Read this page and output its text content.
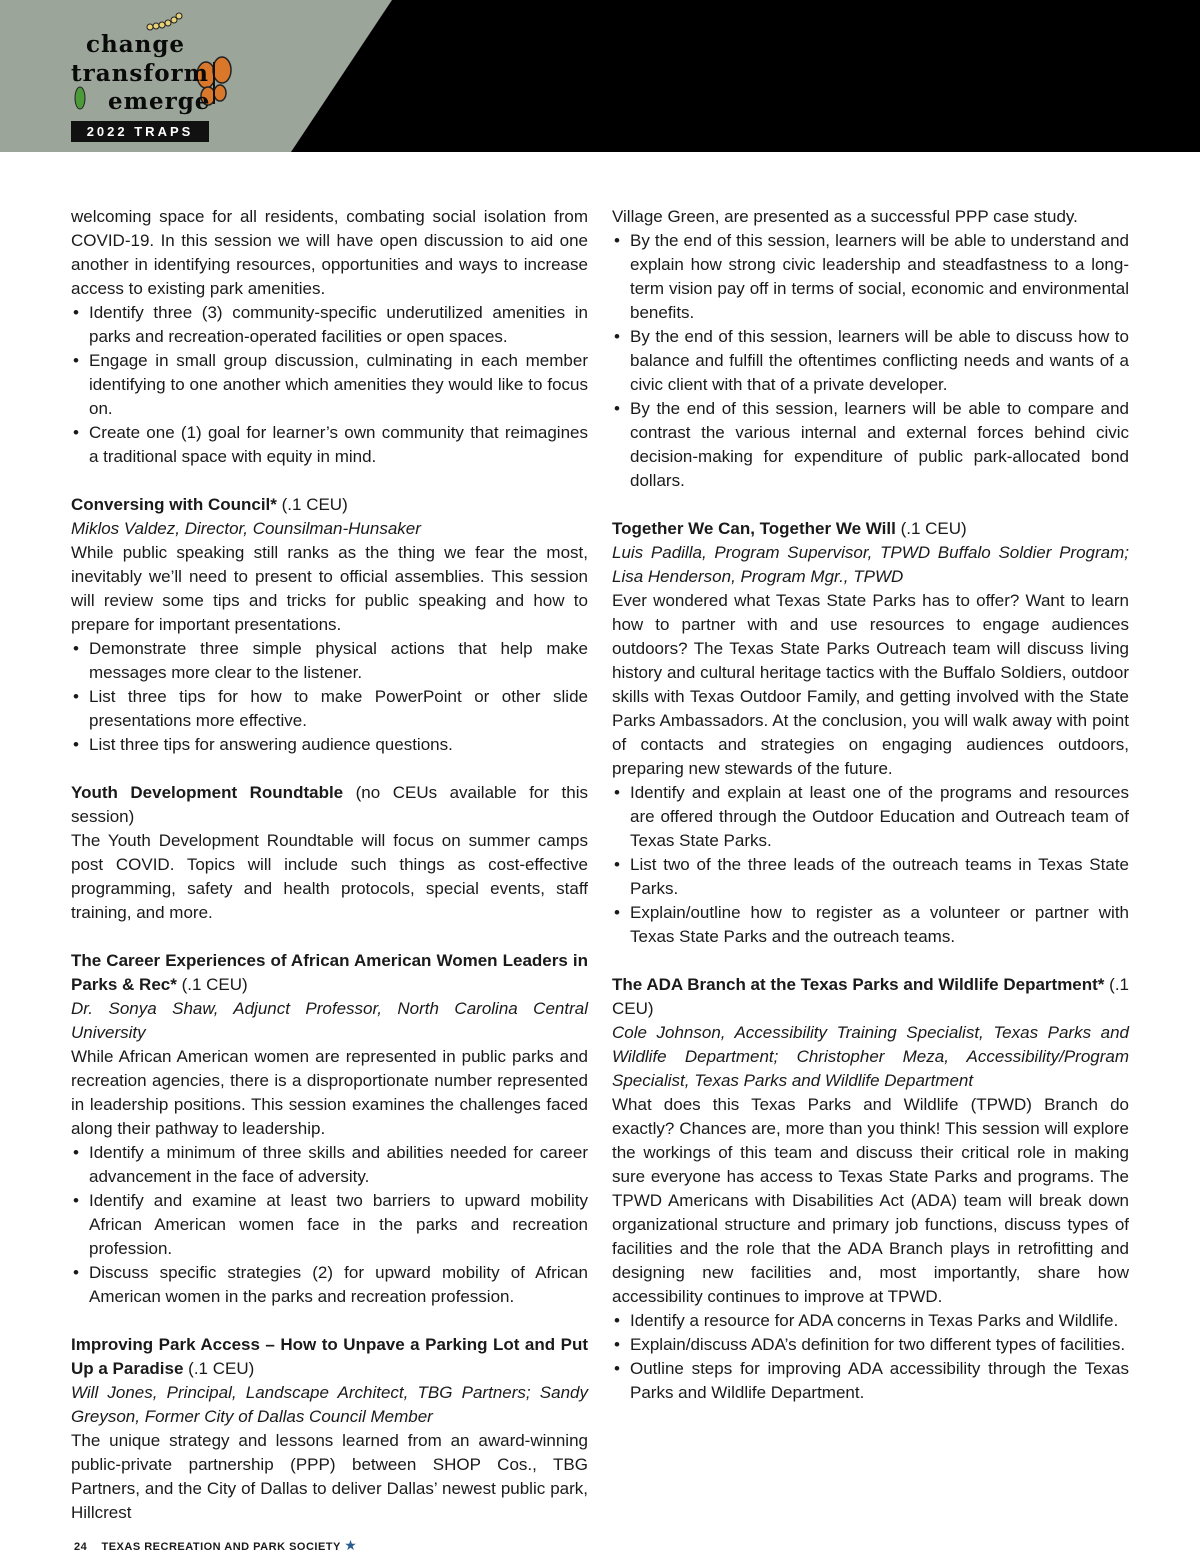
change
transform
emerge
2022 TRAPS

welcoming space for all residents, combating social isolation from COVID-19. In this session we will have open discussion to aid one another in identifying resources, opportunities and ways to increase access to existing park amenities.

• Identify three (3) community-specific underutilized amenities in parks and recreation-operated facilities or open spaces.
• Engage in small group discussion, culminating in each member identifying to one another which amenities they would like to focus on.
• Create one (1) goal for learner’s own community that reimagines a traditional space with equity in mind.

Conversing with Council* (.1 CEU)

Miklos Valdez, Director, Counsilman-Hunsaker

While public speaking still ranks as the thing we fear the most, inevitably we’ll need to present to official assemblies. This session will review some tips and tricks for public speaking and how to prepare for important presentations.

• Demonstrate three simple physical actions that help make messages more clear to the listener.
• List three tips for how to make PowerPoint or other slide presentations more effective.
• List three tips for answering audience questions.

Youth Development Roundtable (no CEUs available for this session)

The Youth Development Roundtable will focus on summer camps post COVID. Topics will include such things as cost-effective programming, safety and health protocols, special events, staff training, and more.

The Career Experiences of African American Women Leaders in Parks & Rec* (.1 CEU)

Dr. Sonya Shaw, Adjunct Professor, North Carolina Central University

While African American women are represented in public parks and recreation agencies, there is a disproportionate number represented in leadership positions. This session examines the challenges faced along their pathway to leadership.

• Identify a minimum of three skills and abilities needed for career advancement in the face of adversity.
• Identify and examine at least two barriers to upward mobility African American women face in the parks and recreation profession.
• Discuss specific strategies (2) for upward mobility of African American women in the parks and recreation profession.

Improving Park Access – How to Unpave a Parking Lot and Put Up a Paradise (.1 CEU)

Will Jones, Principal, Landscape Architect, TBG Partners; Sandy Greyson, Former City of Dallas Council Member

The unique strategy and lessons learned from an award-winning public-private partnership (PPP) between SHOP Cos., TBG Partners, and the City of Dallas to deliver Dallas’ newest public park, Hillcrest

Village Green, are presented as a successful PPP case study.

• By the end of this session, learners will be able to understand and explain how strong civic leadership and steadfastness to a long-term vision pay off in terms of social, economic and environmental benefits.
• By the end of this session, learners will be able to discuss how to balance and fulfill the oftentimes conflicting needs and wants of a civic client with that of a private developer.
• By the end of this session, learners will be able to compare and contrast the various internal and external forces behind civic decision-making for expenditure of public park-allocated bond dollars.

Together We Can, Together We Will (.1 CEU)

Luis Padilla, Program Supervisor, TPWD Buffalo Soldier Program; Lisa Henderson, Program Mgr., TPWD

Ever wondered what Texas State Parks has to offer? Want to learn how to partner with and use resources to engage audiences outdoors? The Texas State Parks Outreach team will discuss living history and cultural heritage tactics with the Buffalo Soldiers, outdoor skills with Texas Outdoor Family, and getting involved with the State Parks Ambassadors. At the conclusion, you will walk away with point of contacts and strategies on engaging audiences outdoors, preparing new stewards of the future.

• Identify and explain at least one of the programs and resources are offered through the Outdoor Education and Outreach team of Texas State Parks.
• List two of the three leads of the outreach teams in Texas State Parks.
• Explain/outline how to register as a volunteer or partner with Texas State Parks and the outreach teams.

The ADA Branch at the Texas Parks and Wildlife Department* (.1 CEU)

Cole Johnson, Accessibility Training Specialist, Texas Parks and Wildlife Department; Christopher Meza, Accessibility/Program Specialist, Texas Parks and Wildlife Department

What does this Texas Parks and Wildlife (TPWD) Branch do exactly? Chances are, more than you think! This session will explore the workings of this team and discuss their critical role in making sure everyone has access to Texas State Parks and programs. The TPWD Americans with Disabilities Act (ADA) team will break down organizational structure and primary job functions, discuss types of facilities and the role that the ADA Branch plays in retrofitting and designing new facilities and, most importantly, share how accessibility continues to improve at TPWD.

• Identify a resource for ADA concerns in Texas Parks and Wildlife.
• Explain/discuss ADA’s definition for two different types of facilities.
• Outline steps for improving ADA accessibility through the Texas Parks and Wildlife Department.
24 TEXAS RECREATION AND PARK SOCIETY ★
